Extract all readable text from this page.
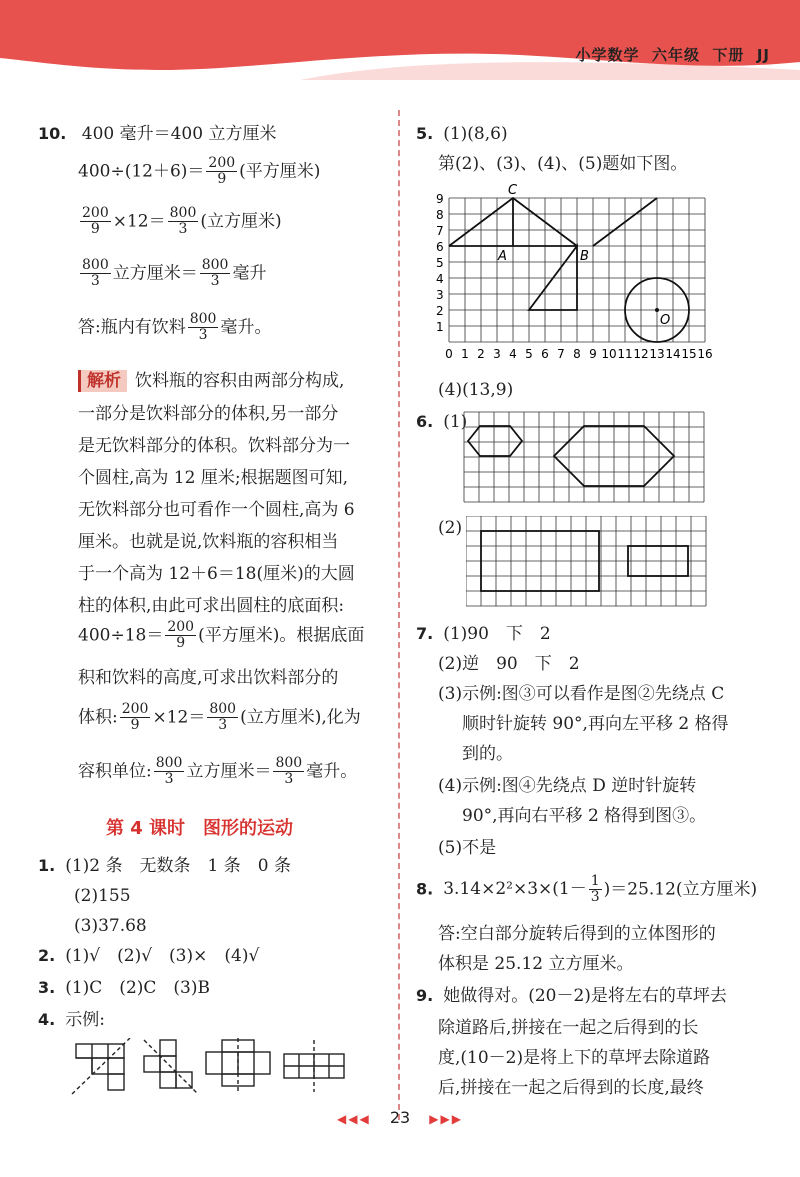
小学数学  六年级  下册  JJ
10. 400 毫升＝400 立方厘米
$400\div(12+6)= \frac{200}{9}$ (平方厘米)
$\frac{200}{9} \times 12= \frac{800}{3}$ (立方厘米)
$\frac{800}{3}$ 立方厘米＝ $\frac{800}{3}$ 毫升
答:瓶内有饮料 $\frac{800}{3}$ 毫升。
解析 饮料瓶的容积由两部分构成,
一部分是饮料部分的体积,另一部分
是无饮料部分的体积。饮料部分为一
个圆柱,高为 12 厘米;根据题图可知,
无饮料部分也可看作一个圆柱,高为 6
厘米。也就是说,饮料瓶的容积相当
于一个高为 12＋6＝18(厘米)的大圆
柱的体积,由此可求出圆柱的底面积:
$400\div 18= \frac{200}{9}$ (平方厘米)。根据底面
积和饮料的高度,可求出饮料部分的
体积: $\frac{200}{9} \times 12= \frac{800}{3}$ (立方厘米),化为
容积单位: $\frac{800}{3}$ 立方厘米＝ $\frac{800}{3}$ 毫升。
第 4 课时　图形的运动
1. (1)2 条　无数条　1 条　0 条
(2)155
(3)37.68
2. (1)√　(2)√　(3)×　(4)√
3. (1)C　(2)C　(3)B
4. 示例:
5. (1)(8,6)
第(2)、(3)、(4)、(5)题如下图。
9
8
7
6
5
4
3
2
1
0 1 2 3 4 5 6 7 8 9 10 11 12 13 14 15 16
C
A	B
O
(4)(13,9)
6. (1)
(2)
7. (1)90　下　2
(2)逆　90　下　2
(3)示例:图③可以看作是图②先绕点 C
顺时针旋转 90°,再向左平移 2 格得
到的。
(4)示例:图④先绕点 D 逆时针旋转
90°,再向右平移 2 格得到图③。
(5)不是
8. $3.14\times 2^2\times 3\times(1- \frac{1}{3} )=25.12$(立方厘米)
答:空白部分旋转后得到的立体图形的
体积是 25.12 立方厘米。
9. 她做得对。(20－2)是将左右的草坪去
除道路后,拼接在一起之后得到的长
度,(10－2)是将上下的草坪去除道路
后,拼接在一起之后得到的长度,最终
◀◀◀ 23 ▶▶▶
